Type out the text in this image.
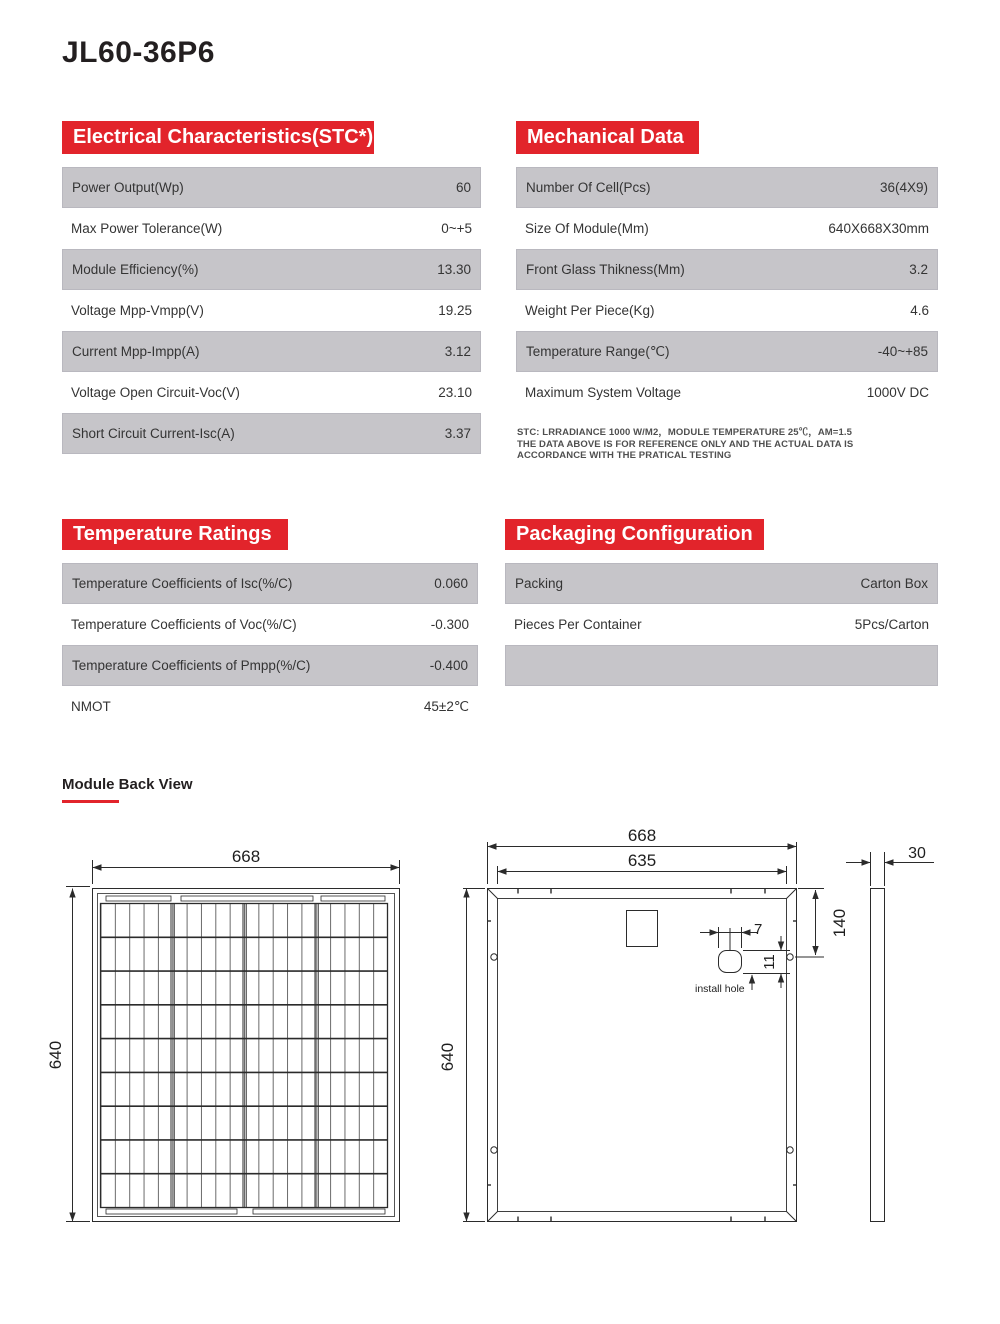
JL60-36P6
Electrical Characteristics(STC*)	Mechanical Data
Temperature Ratings	Packaging Configuration
Power Output(Wp)	60
Max Power Tolerance(W)	0~+5
Module Efficiency(%)	13.30
Voltage Mpp-Vmpp(V)	19.25
Current Mpp-Impp(A)	3.12
Voltage Open Circuit-Voc(V)	23.10
Short Circuit Current-Isc(A)	3.37
Number Of Cell(Pcs)	36(4X9)
Size Of Module(Mm)	640X668X30mm
Front Glass Thikness(Mm)	3.2
Weight Per Piece(Kg)	4.6
Temperature Range(℃)	-40~+85
Maximum System Voltage	1000V DC
STC: LRRADIANCE 1000 W/M2，MODULE TEMPERATURE 25℃，AM=1.5
THE DATA ABOVE IS FOR REFERENCE ONLY AND THE ACTUAL DATA IS
ACCORDANCE WITH THE PRATICAL TESTING
Temperature Coefficients of Isc(%/C)	0.060
Temperature Coefficients of Voc(%/C)	-0.300
Temperature Coefficients of Pmpp(%/C)	-0.400
NMOT	45±2℃
Packing	Carton Box
Pieces Per Container	5Pcs/Carton
Module Back View
668
640
7
11
install hole
668
635
640
140
30
